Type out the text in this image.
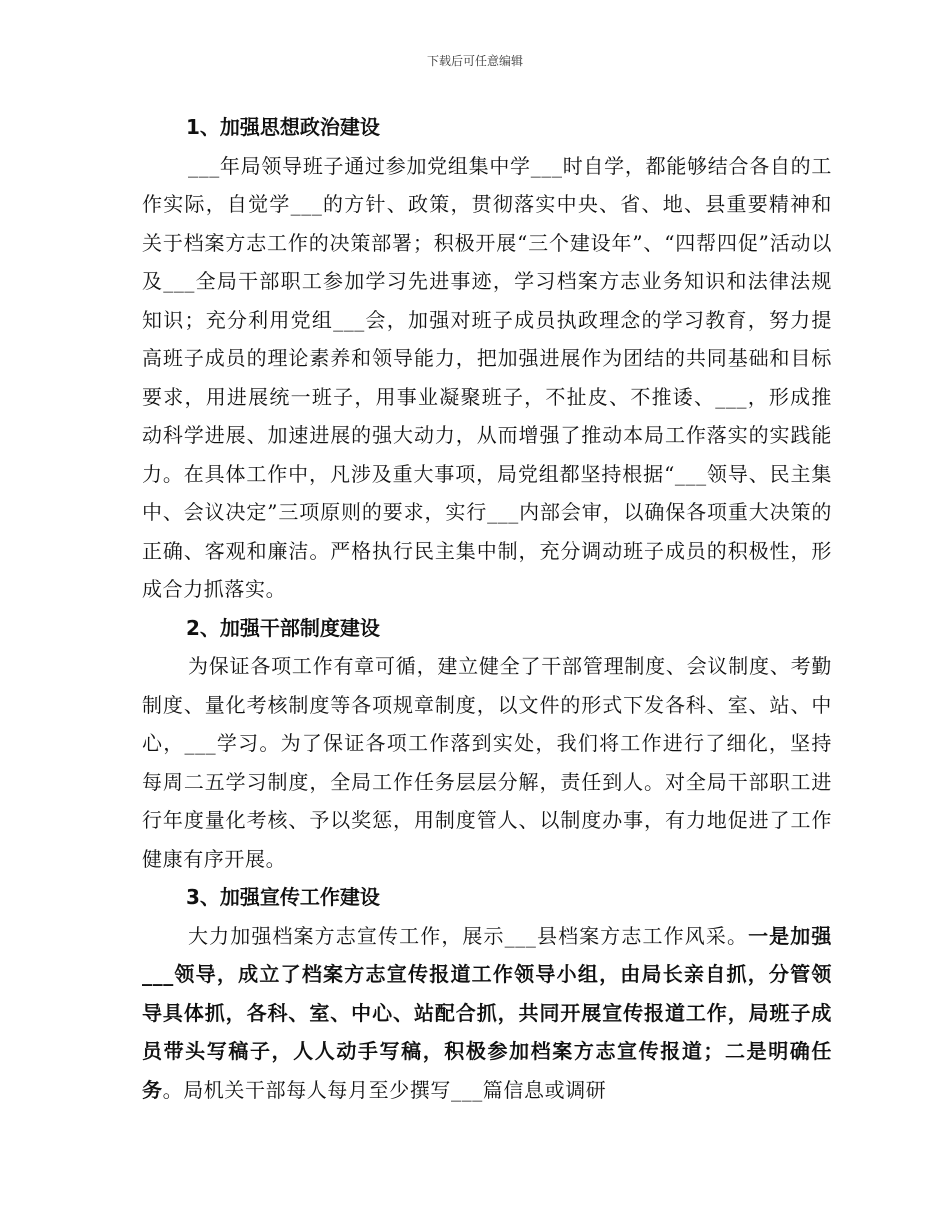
下载后可任意编辑
1、加强思想政治建设

___年局领导班子通过参加党组集中学___时自学，都能够结合各自的工作实际，自觉学___的方针、政策，贯彻落实中央、省、地、县重要精神和关于档案方志工作的决策部署；积极开展“三个建设年”、“四帮四促”活动以及___全局干部职工参加学习先进事迹，学习档案方志业务知识和法律法规知识；充分利用党组___会，加强对班子成员执政理念的学习教育，努力提高班子成员的理论素养和领导能力，把加强进展作为团结的共同基础和目标要求，用进展统一班子，用事业凝聚班子，不扯皮、不推诿、___，形成推动科学进展、加速进展的强大动力，从而增强了推动本局工作落实的实践能力。在具体工作中，凡涉及重大事项，局党组都坚持根据“___领导、民主集中、会议决定”三项原则的要求，实行___内部会审，以确保各项重大决策的正确、客观和廉洁。严格执行民主集中制，充分调动班子成员的积极性，形成合力抓落实。

2、加强干部制度建设

为保证各项工作有章可循，建立健全了干部管理制度、会议制度、考勤制度、量化考核制度等各项规章制度，以文件的形式下发各科、室、站、中心，___学习。为了保证各项工作落到实处，我们将工作进行了细化，坚持每周二五学习制度，全局工作任务层层分解，责任到人。对全局干部职工进行年度量化考核、予以奖惩，用制度管人、以制度办事，有力地促进了工作健康有序开展。

3、加强宣传工作建设

大力加强档案方志宣传工作，展示___县档案方志工作风采。一是加强___领导，成立了档案方志宣传报道工作领导小组，由局长亲自抓，分管领导具体抓，各科、室、中心、站配合抓，共同开展宣传报道工作，局班子成员带头写稿子，人人动手写稿，积极参加档案方志宣传报道；二是明确任务。局机关干部每人每月至少撰写___篇信息或调研
